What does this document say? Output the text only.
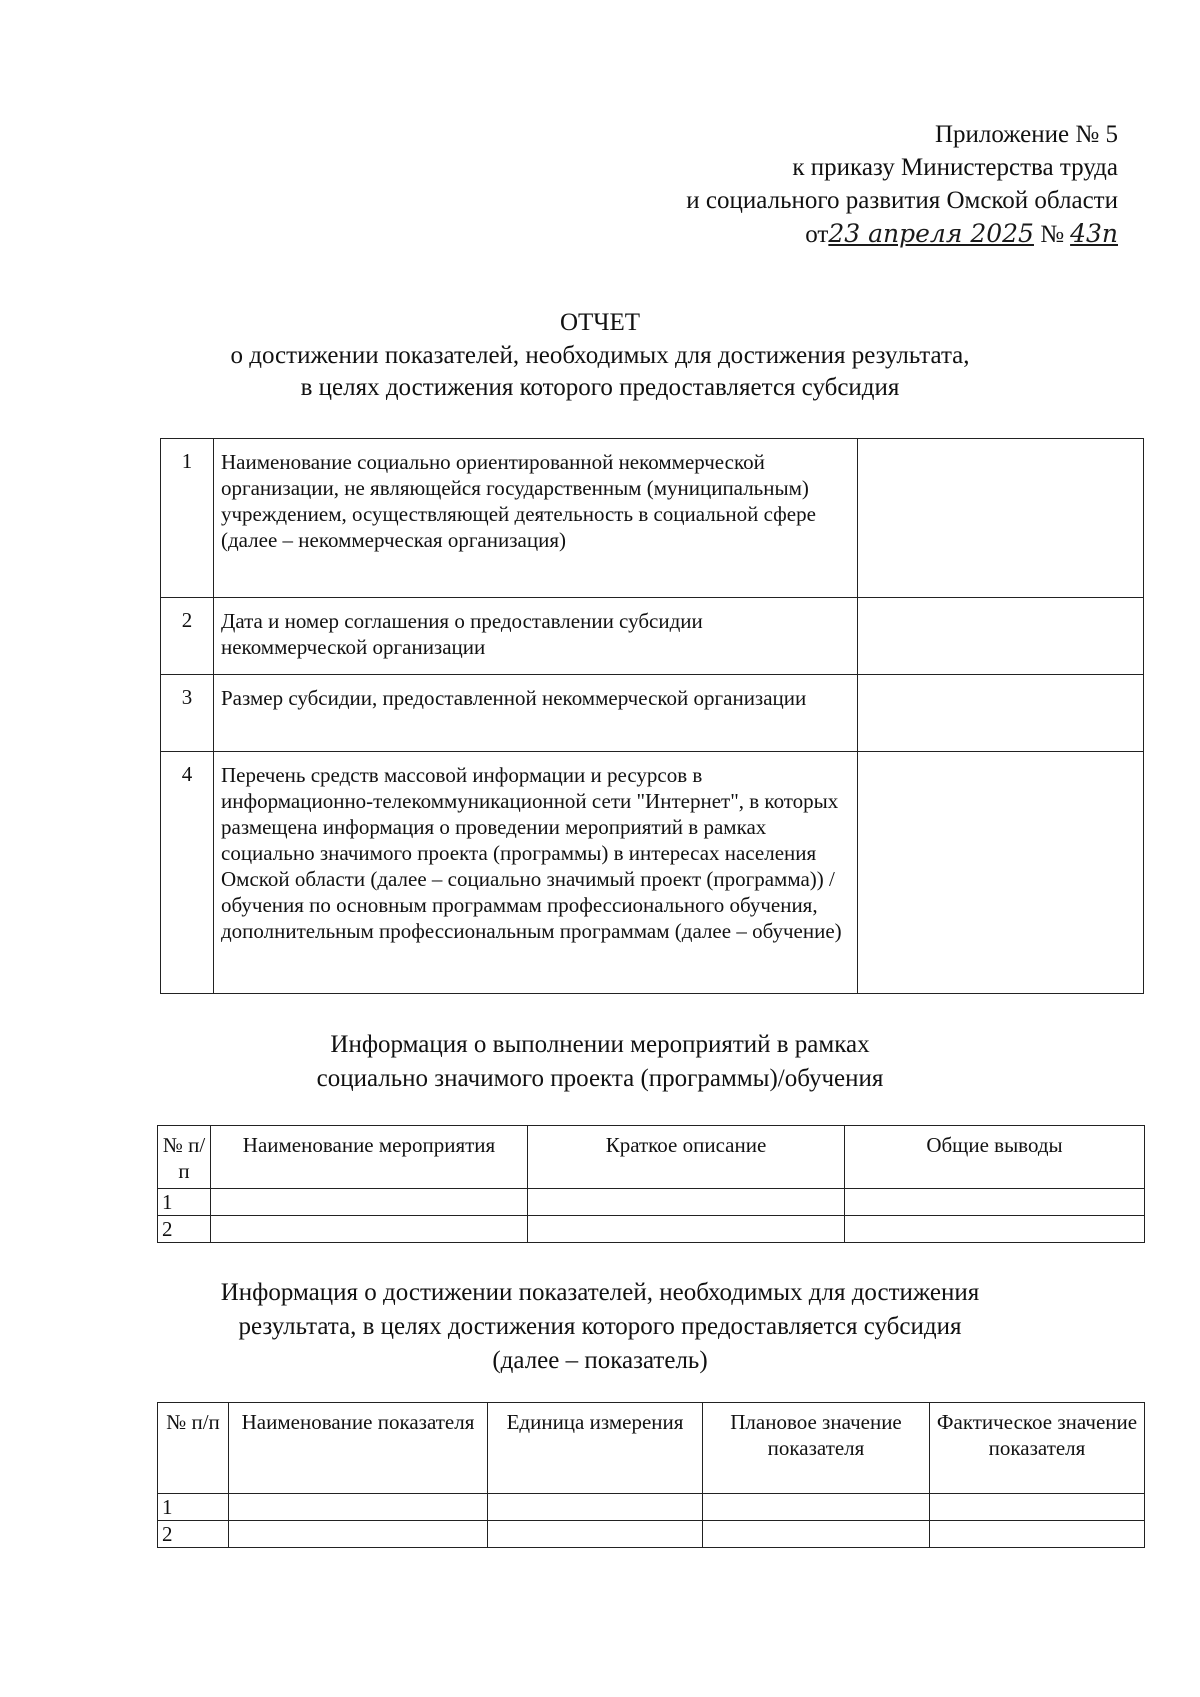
Приложение № 5
к приказу Министерства труда
и социального развития Омской области
от23 апреля 2025 № 43п
ОТЧЕТ
о достижении показателей, необходимых для достижения результата,
в целях достижения которого предоставляется субсидия
1	Наименование социально ориентированной некоммерческой организации, не являющейся государственным (муниципальным) учреждением, осуществляющей деятельность в социальной сфере (далее – некоммерческая организация)	
2	Дата и номер соглашения о предоставлении субсидии некоммерческой организации	
3	Размер субсидии, предоставленной некоммерческой организации	
4	Перечень средств массовой информации и ресурсов в информационно-телекоммуникационной сети "Интернет", в которых размещена информация о проведении мероприятий в рамках социально значимого проекта (программы) в интересах населения Омской области (далее – социально значимый проект (программа)) /обучения по основным программам профессионального обучения, дополнительным профессиональным программам (далее – обучение)	
Информация о выполнении мероприятий в рамках
социально значимого проекта (программы)/обучения
№ п/п	Наименование мероприятия	Краткое описание	Общие выводы
1			
2			
Информация о достижении показателей, необходимых для достижения
результата, в целях достижения которого предоставляется субсидия
(далее – показатель)
№ п/п	Наименование показателя	Единица измерения	Плановое значение показателя	Фактическое значение показателя
1				
2				
